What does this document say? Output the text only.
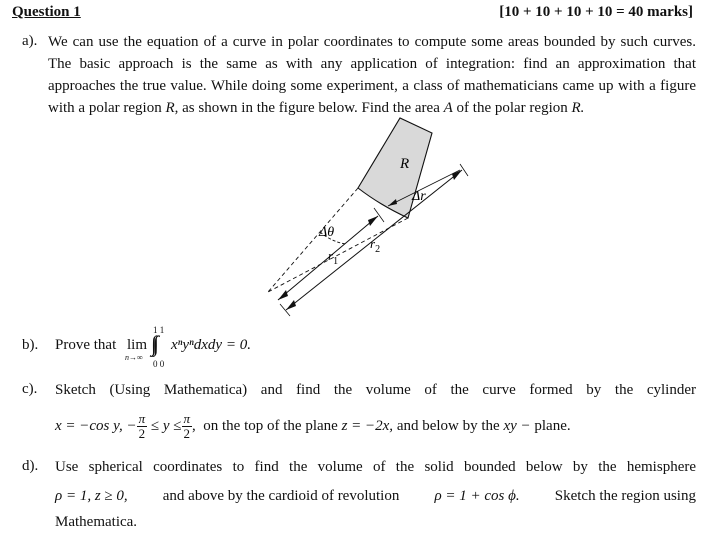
Question 1	[10 + 10 + 10 + 10 = 40 marks]
a). We can use the equation of a curve in polar coordinates to compute some areas bounded by such curves. The basic approach is the same as with any application of integration: find an approximation that approaches the true value. While doing some experiment, a class of mathematicians came up with a figure with a polar region R, as shown in the figure below. Find the area A of the polar region R.
R
Δr
Δθ
$r_1$
$r_2$
b). Prove that lim
n→∞
1 1
∫∫
0 0
xⁿyⁿdxdy = 0.
c). Sketch (Using Mathematica) and find the volume of the curve formed by the cylinder
x = −cos y, − $\frac{\pi}{2} \le y \le \frac{\pi}{2}$ , on the top of the plane z = −2x, and below by the xy − plane.
d). Use spherical coordinates to find the volume of the solid bounded below by the hemisphere
ρ = 1, z ≥ 0, and above by the cardioid of revolution ρ = 1 + cos ϕ. Sketch the region using
Mathematica.
